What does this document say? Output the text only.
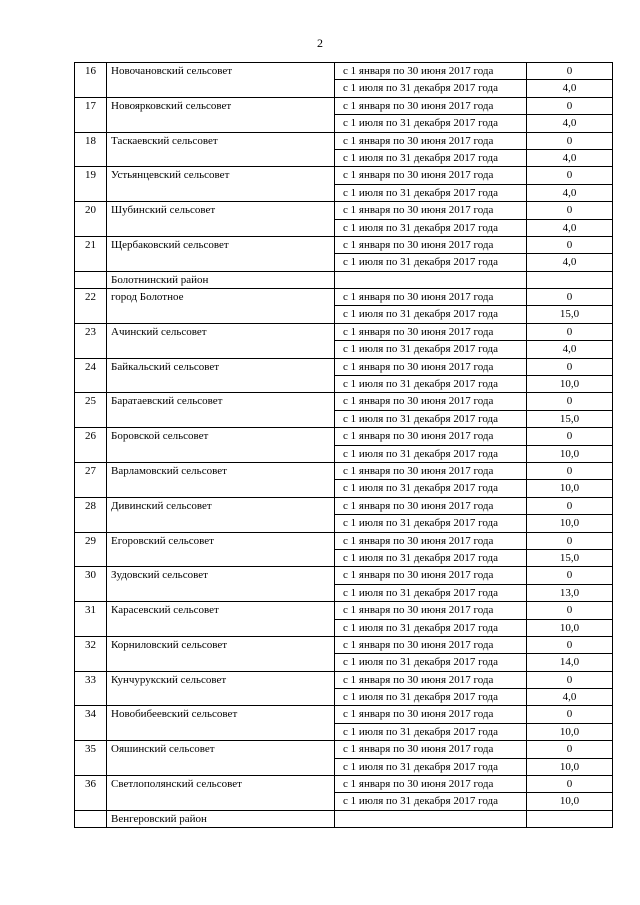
2
16	Новочановский сельсовет	с 1 января по 30 июня 2017 года	0
		с 1 июля по 31 декабря 2017 года	4,0
17	Новоярковский сельсовет	с 1 января по 30 июня 2017 года	0
		с 1 июля по 31 декабря 2017 года	4,0
18	Таскаевский сельсовет	с 1 января по 30 июня 2017 года	0
		с 1 июля по 31 декабря 2017 года	4,0
19	Устьянцевский сельсовет	с 1 января по 30 июня 2017 года	0
		с 1 июля по 31 декабря 2017 года	4,0
20	Шубинский сельсовет	с 1 января по 30 июня 2017 года	0
		с 1 июля по 31 декабря 2017 года	4,0
21	Щербаковский сельсовет	с 1 января по 30 июня 2017 года	0
		с 1 июля по 31 декабря 2017 года	4,0
	Болотнинский район		
22	город Болотное	с 1 января по 30 июня 2017 года	0
		с 1 июля по 31 декабря 2017 года	15,0
23	Ачинский сельсовет	с 1 января по 30 июня 2017 года	0
		с 1 июля по 31 декабря 2017 года	4,0
24	Байкальский сельсовет	с 1 января по 30 июня 2017 года	0
		с 1 июля по 31 декабря 2017 года	10,0
25	Баратаевский сельсовет	с 1 января по 30 июня 2017 года	0
		с 1 июля по 31 декабря 2017 года	15,0
26	Боровской сельсовет	с 1 января по 30 июня 2017 года	0
		с 1 июля по 31 декабря 2017 года	10,0
27	Варламовский сельсовет	с 1 января по 30 июня 2017 года	0
		с 1 июля по 31 декабря 2017 года	10,0
28	Дивинский сельсовет	с 1 января по 30 июня 2017 года	0
		с 1 июля по 31 декабря 2017 года	10,0
29	Егоровский сельсовет	с 1 января по 30 июня 2017 года	0
		с 1 июля по 31 декабря 2017 года	15,0
30	Зудовский сельсовет	с 1 января по 30 июня 2017 года	0
		с 1 июля по 31 декабря 2017 года	13,0
31	Карасевский сельсовет	с 1 января по 30 июня 2017 года	0
		с 1 июля по 31 декабря 2017 года	10,0
32	Корниловский сельсовет	с 1 января по 30 июня 2017 года	0
		с 1 июля по 31 декабря 2017 года	14,0
33	Кунчурукский сельсовет	с 1 января по 30 июня 2017 года	0
		с 1 июля по 31 декабря 2017 года	4,0
34	Новобибеевский сельсовет	с 1 января по 30 июня 2017 года	0
		с 1 июля по 31 декабря 2017 года	10,0
35	Ояшинский сельсовет	с 1 января по 30 июня 2017 года	0
		с 1 июля по 31 декабря 2017 года	10,0
36	Светлополянский сельсовет	с 1 января по 30 июня 2017 года	0
		с 1 июля по 31 декабря 2017 года	10,0
	Венгеровский район		
